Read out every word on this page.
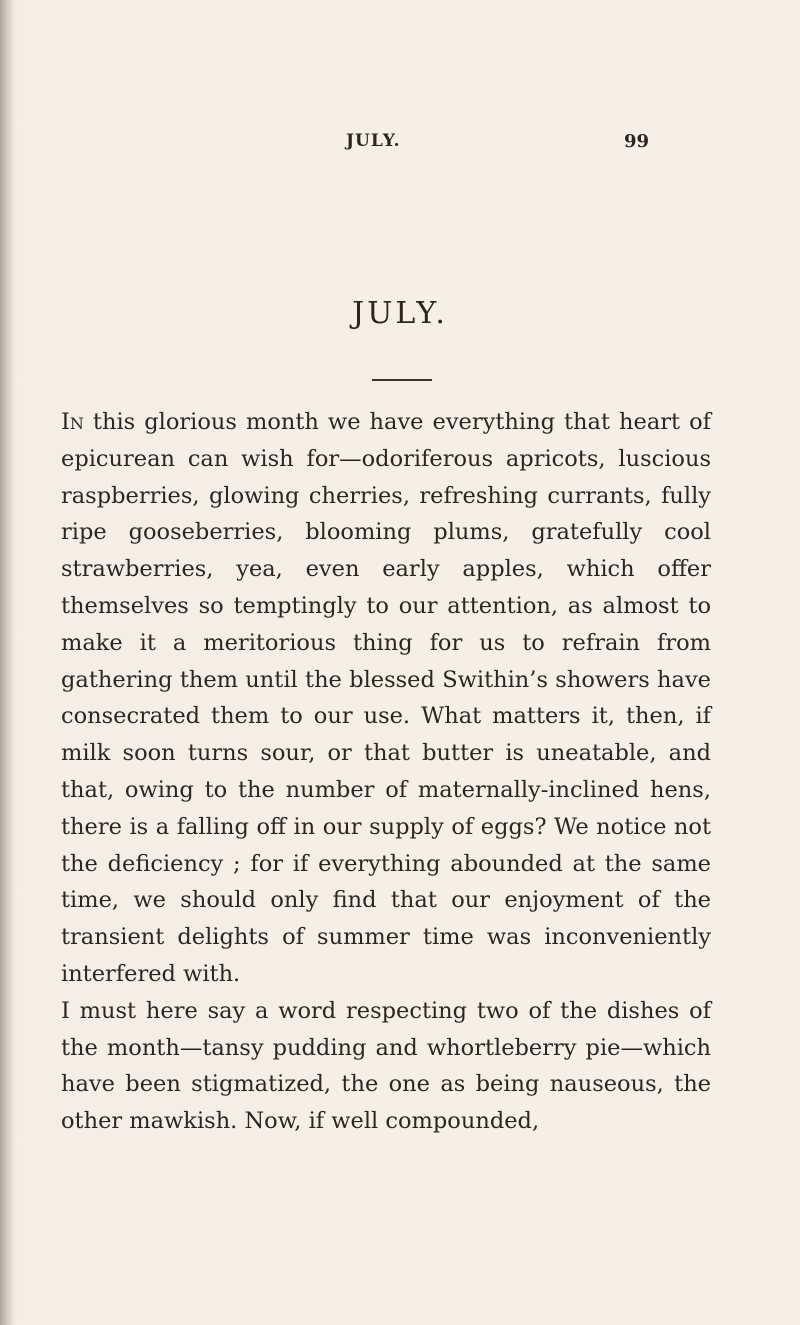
JULY.	99
JULY.

In this glorious month we have everything that heart of epicurean can wish for—odoriferous apricots, luscious raspberries, glowing cherries, refreshing currants, fully ripe gooseberries, blooming plums, gratefully cool strawberries, yea, even early apples, which offer themselves so temptingly to our attention, as almost to make it a meritorious thing for us to refrain from gathering them until the blessed Swithin’s showers have consecrated them to our use. What matters it, then, if milk soon turns sour, or that butter is uneatable, and that, owing to the number of maternally-inclined hens, there is a falling off in our supply of eggs? We notice not the deficiency ; for if everything abounded at the same time, we should only find that our enjoyment of the transient delights of summer time was inconveniently interfered with.

I must here say a word respecting two of the dishes of the month—tansy pudding and whortleberry pie—which have been stigmatized, the one as being nauseous, the other mawkish. Now, if well compounded,
